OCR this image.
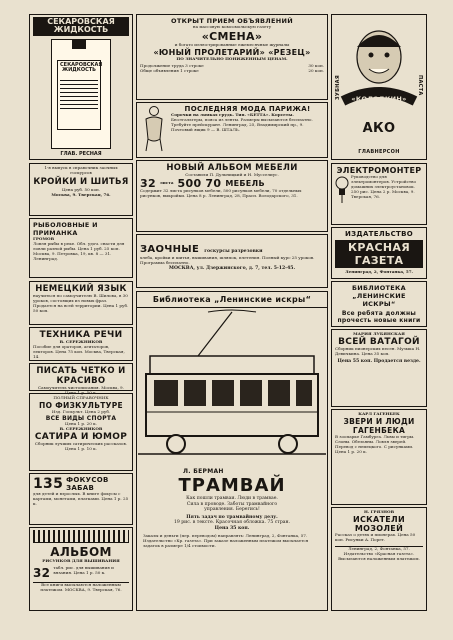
СЕКАРОВСКАЯ ЖИДКОСТЬ
СЕКАРОВСКАЯ ЖИДКОСТЬ
ГЛАВ. РЕСНАЯ
1-я выпуск в справочник заочных госкурсов
КРОЙКИ И ШИТЬЯ
Цена руб. 50 коп.
Москва, 9. Тверская, 76.
РЫБОЛОВНЫЕ И ПРИМАНКА
ГРОМОВ
Ловля рыбы в реке. Обл. удоч. снасти для ловли разной рыбы. Цена 1 руб. 25 коп. Москва, 9. Петровка, 19, кв. 8 — 31. Ленинград.
НЕМЕЦКИЙ ЯЗЫК
научиться по самоучителю В. Шилова, в 30 уроков, состоящих из новых фраз. Продается на всей территории. Цена 1 руб. 50 коп.
ТЕХНИКА РЕЧИ
В. СЕРЕЖНИКОВ
Пособие для ораторов, агитаторов, лекторов. Цена 75 коп. Москва, Тверская, 14.
ПИСАТЬ ЧЕТКО И КРАСИВО
Самоучитель чистописания. Москва, 9. Цена 1 р. 50 к.
ПОЛНЫЙ СПРАВОЧНИК
ПО ФИЗКУЛЬТУРЕ
Изд. Госкульт. Цена 2 руб.
ВСЕ ВИДЫ СПОРТА
Цена 1 р. 20 к.
В. СЕРЕЖНИКОВ
САТИРА И ЮМОР
Сборник лучших сатирических рассказов. Цена 1 р. 10 к.
135 ФОКУСОВ
ЗАБАВ
для детей и взрослых. В книге фокусы с картами, монетами, платками. Цена 1 р. 25 к.
АЛЬБОМ
РИСУНКОВ ДЛЯ ВЫШИВАНИЯ
32 табл. рис. для вышивания и вязания. Цена 1 р. 50 к.
Все книги высылаются наложенным платежом. МОСКВА, 9. Тверская, 76.
ОТКРЫТ ПРИЕМ ОБЪЯВЛЕНИЙ
на массовую комсомольскую газету
«СМЕНА»
и богато иллюстрированные ежемесячные журналы
«ЮНЫЙ ПРОЛЕТАРИЙ» «РЕЗЕЦ»
ПО ЗНАЧИТЕЛЬНО ПОНИЖЕННЫМ ЦЕНАМ.
Продолжение труда 3 строке	30 коп.
Обще объявления 1 строке	20 коп.
ПОСЛЕДНЯЯ МОДА ПАРИЖА!
Сорочки на лямках грудь. Тип. «БЕТТА». Корсеты.
Бюстгальтеры, пояса из ленты. Размеры высылаются бесплатно. Требуйте прейскурант. Ленинград, 25, Владимирский пр., 9. Почтовый ящик 9 — В. ШТАЛЬ.
НОВЫЙ АЛЬБОМ МЕБЕЛИ
Составили П. Дульницкий и Н. Мусселиус.
32 листа 500 70 МЕБЕЛЬ
Содержит 32 листа рисунков мебели, 500 рисунков мебели, 70 отдельных рисунков, выкройки. Цена 8 р. Ленинград, 28, Прасп. Володарского, 31.
ЗАОЧНЫЕ госкурсы разрезовки
хлеба, кройки и шитья, вышивания, шляпок, плетения. Полный курс 25 уроков. Программа бесплатно.
МОСКВА, ул. Дзержинского, д. 7, тел. 5-12-45.
Библиотека „Ленинские искры“
Л. БЕРМАН
ТРАМВАЙ
Как пошли трамваи. Люди в трамвае.
Сила в проводе. Заботы трамвайного
управления. Берегись!
Пять задач по трамвайному делу.
19 рис. в тексте. Красочная обложка. 75 стран.
Цена 35 коп.
Заказы и деньги (пер. переводом) направлять: Ленинград, 2, Фонтанка, 57. Издательство «Кр. газета». При заказе наложенным платежом высылается задаток в размере 1/4 стоимости.
ЗУБНАЯ	ПАСТА
«КОЛОДКИН»
АКО
ГЛАВНЕРСОН
ЭЛЕКТРОМОНТЕР
Руководство для электромонтеров. Устройство домашних электроустановок. 250 рис. Цена 2 р. Москва, 9. Тверская, 76.
ИЗДАТЕЛЬСТВО
КРАСНАЯ ГАЗЕТА
Ленинград, 2, Фонтанка, 57.
БИБЛИОТЕКА
„ЛЕНИНСКИЕ ИСКРЫ“
Все ребята должны прочесть новые книги
МАРИЯ ЛУБЯНСКАЯ
ВСЕЙ ВАТАГОЙ
Сборник пионерских песен. Музыка Н. Девичкина. Цена 35 коп.
Цена 55 коп. Продается везде.
КАРЛ ГАГЕНБЕК
ЗВЕРИ И ЛЮДИ ГАГЕНБЕКА
В зоопарке Гамбурга. Львы и тигры. Слоны. Обезьяны. Ловля зверей. Перевод с немецкого. С рисунками. Цена 1 р. 20 к.
Н. ГРЯЗНОВ
ИСКАТЕЛИ МОЗОЛЕЙ
Рассказ о детях и пионерах. Цена 50 коп. Рисунки А. Порет.
Ленинград, 2, Фонтанка, 57. Издательство «Красная газета». Высылаются наложенным платежом.
